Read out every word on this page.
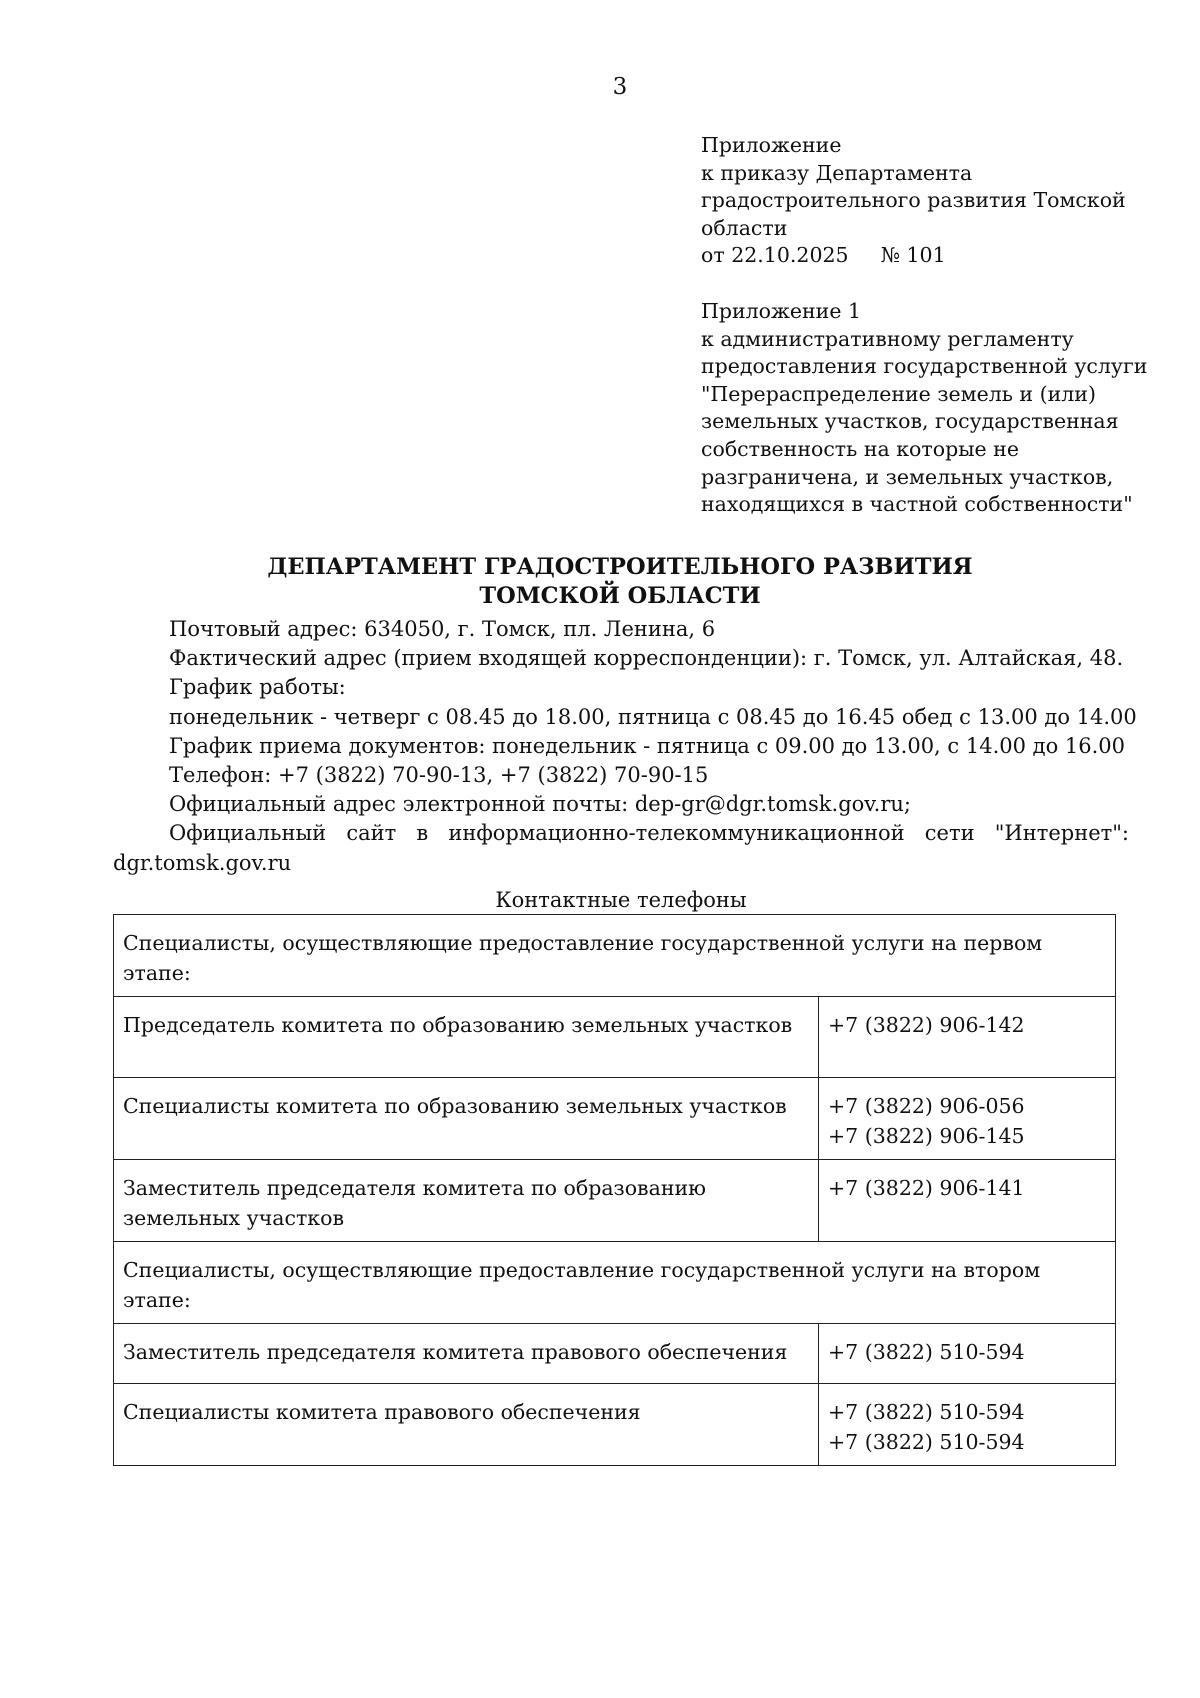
3
Приложение
к приказу Департамента
градостроительного развития Томской
области
от 22.10.2025 № 101
Приложение 1
к административному регламенту
предоставления государственной услуги
"Перераспределение земель и (или)
земельных участков, государственная
собственность на которые не
разграничена, и земельных участков,
находящихся в частной собственности"
ДЕПАРТАМЕНТ ГРАДОСТРОИТЕЛЬНОГО РАЗВИТИЯ
ТОМСКОЙ ОБЛАСТИ
Почтовый адрес: 634050, г. Томск, пл. Ленина, 6
Фактический адрес (прием входящей корреспонденции): г. Томск, ул. Алтайская, 48.
График работы:
понедельник - четверг с 08.45 до 18.00, пятница с 08.45 до 16.45 обед с 13.00 до 14.00
График приема документов: понедельник - пятница с 09.00 до 13.00, с 14.00 до 16.00
Телефон: +7 (3822) 70-90-13, +7 (3822) 70-90-15
Официальный адрес электронной почты: dep-gr@dgr.tomsk.gov.ru;
Официальный сайт в информационно-телекоммуникационной сети "Интернет": dgr.tomsk.gov.ru
Контактные телефоны
Специалисты, осуществляющие предоставление государственной услуги на первом этапе:	
Председатель комитета по образованию земельных участков	+7 (3822) 906-142

Специалисты комитета по образованию земельных участков	+7 (3822) 906-056
+7 (3822) 906-145

Заместитель председателя комитета по образованию земельных участков	+7 (3822) 906-141

Специалисты, осуществляющие предоставление государственной услуги на втором этапе:	
Заместитель председателя комитета правового обеспечения	+7 (3822) 510-594

Специалисты комитета правового обеспечения	+7 (3822) 510-594
+7 (3822) 510-594
